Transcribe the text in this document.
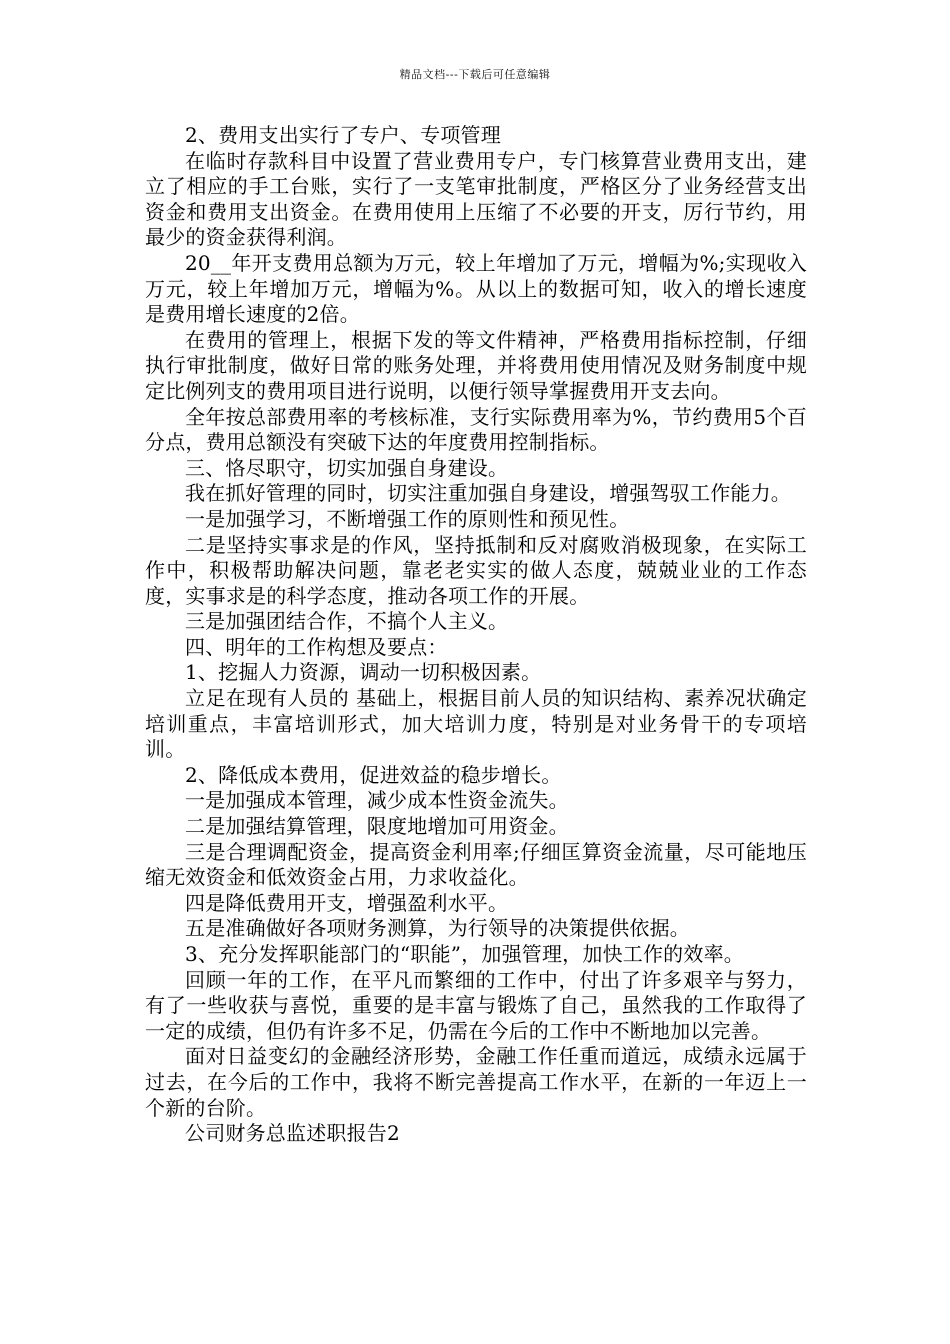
精品文档---下载后可任意编辑

2、费用支出实行了专户、专项管理

在临时存款科目中设置了营业费用专户，专门核算营业费用支出，建立了相应的手工台账，实行了一支笔审批制度，严格区分了业务经营支出资金和费用支出资金。在费用使用上压缩了不必要的开支，厉行节约，用最少的资金获得利润。

20__年开支费用总额为万元，较上年增加了万元，增幅为%;实现收入万元，较上年增加万元，增幅为%。从以上的数据可知，收入的增长速度是费用增长速度的2倍。

在费用的管理上，根据下发的等文件精神，严格费用指标控制，仔细执行审批制度，做好日常的账务处理，并将费用使用情况及财务制度中规定比例列支的费用项目进行说明，以便行领导掌握费用开支去向。

全年按总部费用率的考核标准，支行实际费用率为%，节约费用5个百分点，费用总额没有突破下达的年度费用控制指标。

三、恪尽职守，切实加强自身建设。

我在抓好管理的同时，切实注重加强自身建设，增强驾驭工作能力。

一是加强学习，不断增强工作的原则性和预见性。

二是坚持实事求是的作风，坚持抵制和反对腐败消极现象，在实际工作中，积极帮助解决问题，靠老老实实的做人态度，兢兢业业的工作态度，实事求是的科学态度，推动各项工作的开展。

三是加强团结合作，不搞个人主义。

四、明年的工作构想及要点：

1、挖掘人力资源，调动一切积极因素。

立足在现有人员的 基础上，根据目前人员的知识结构、素养况状确定培训重点，丰富培训形式，加大培训力度，特别是对业务骨干的专项培训。

2、降低成本费用，促进效益的稳步增长。

一是加强成本管理，减少成本性资金流失。

二是加强结算管理，限度地增加可用资金。

三是合理调配资金，提高资金利用率;仔细匡算资金流量，尽可能地压缩无效资金和低效资金占用，力求收益化。

四是降低费用开支，增强盈利水平。

五是准确做好各项财务测算，为行领导的决策提供依据。

3、充分发挥职能部门的“职能”，加强管理，加快工作的效率。

回顾一年的工作，在平凡而繁细的工作中，付出了许多艰辛与努力，有了一些收获与喜悦，重要的是丰富与锻炼了自己，虽然我的工作取得了一定的成绩，但仍有许多不足，仍需在今后的工作中不断地加以完善。

面对日益变幻的金融经济形势，金融工作任重而道远，成绩永远属于过去，在今后的工作中，我将不断完善提高工作水平，在新的一年迈上一个新的台阶。

公司财务总监述职报告2
